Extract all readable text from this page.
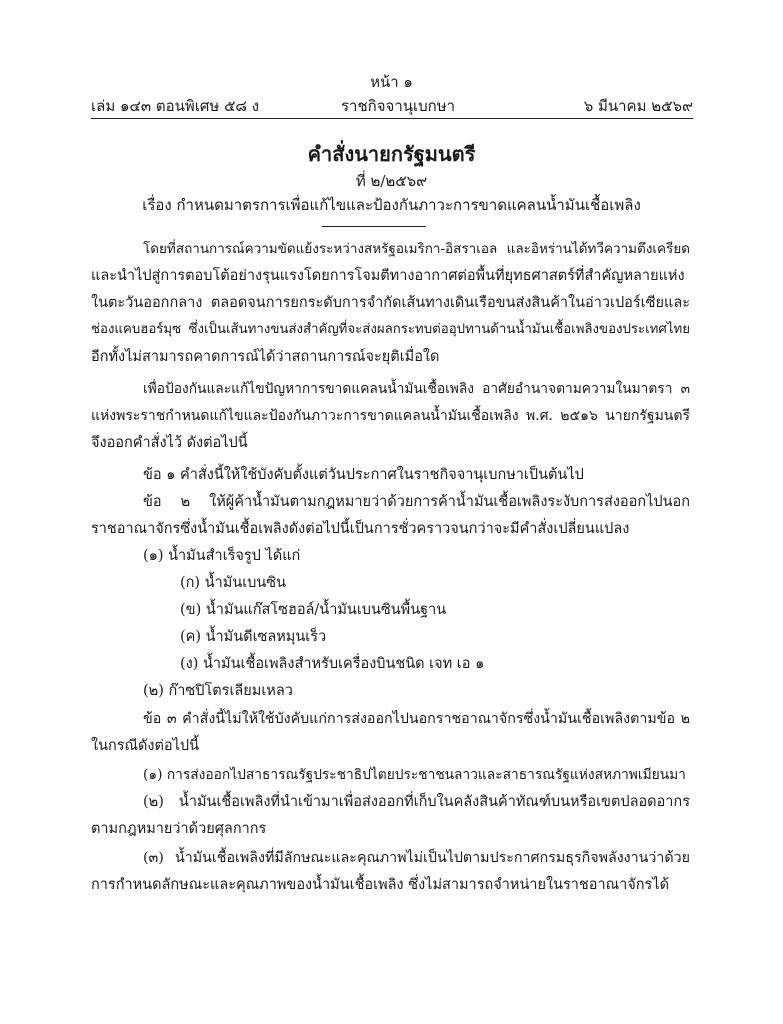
หน้า ๑
เล่ม ๑๔๓ ตอนพิเศษ ๕๘ ง	ราชกิจจานุเบกษา	๖ มีนาคม ๒๕๖๙
คำสั่งนายกรัฐมนตรี
ที่ ๒/๒๕๖๙
เรื่อง กำหนดมาตรการเพื่อแก้ไขและป้องกันภาวะการขาดแคลนน้ำมันเชื้อเพลิง
โดยที่สถานการณ์ความขัดแย้งระหว่างสหรัฐอเมริกา-อิสราเอล และอิหร่านได้ทวีความตึงเครียด
และนำไปสู่การตอบโต้อย่างรุนแรงโดยการโจมตีทางอากาศต่อพื้นที่ยุทธศาสตร์ที่สำคัญหลายแห่ง
ในตะวันออกกลาง ตลอดจนการยกระดับการจำกัดเส้นทางเดินเรือขนส่งสินค้าในอ่าวเปอร์เซียและ
ช่องแคบฮอร์มุซ ซึ่งเป็นเส้นทางขนส่งสำคัญที่จะส่งผลกระทบต่ออุปทานด้านน้ำมันเชื้อเพลิงของประเทศไทย
อีกทั้งไม่สามารถคาดการณ์ได้ว่าสถานการณ์จะยุติเมื่อใด
เพื่อป้องกันและแก้ไขปัญหาการขาดแคลนน้ำมันเชื้อเพลิง อาศัยอำนาจตามความในมาตรา ๓
แห่งพระราชกำหนดแก้ไขและป้องกันภาวะการขาดแคลนน้ำมันเชื้อเพลิง พ.ศ. ๒๕๑๖ นายกรัฐมนตรี
จึงออกคำสั่งไว้ ดังต่อไปนี้
ข้อ ๑ คำสั่งนี้ให้ใช้บังคับตั้งแต่วันประกาศในราชกิจจานุเบกษาเป็นต้นไป
ข้อ ๒ ให้ผู้ค้าน้ำมันตามกฎหมายว่าด้วยการค้าน้ำมันเชื้อเพลิงระงับการส่งออกไปนอก
ราชอาณาจักรซึ่งน้ำมันเชื้อเพลิงดังต่อไปนี้เป็นการชั่วคราวจนกว่าจะมีคำสั่งเปลี่ยนแปลง
(๑) น้ำมันสำเร็จรูป ได้แก่
(ก) น้ำมันเบนซิน
(ข) น้ำมันแก๊สโซฮอล์/น้ำมันเบนซินพื้นฐาน
(ค) น้ำมันดีเซลหมุนเร็ว
(ง) น้ำมันเชื้อเพลิงสำหรับเครื่องบินชนิด เจท เอ ๑
(๒) ก๊าซปิโตรเลียมเหลว
ข้อ ๓ คำสั่งนี้ไม่ให้ใช้บังคับแก่การส่งออกไปนอกราชอาณาจักรซึ่งน้ำมันเชื้อเพลิงตามข้อ ๒
ในกรณีดังต่อไปนี้
(๑) การส่งออกไปสาธารณรัฐประชาธิปไตยประชาชนลาวและสาธารณรัฐแห่งสหภาพเมียนมา
(๒) น้ำมันเชื้อเพลิงที่นำเข้ามาเพื่อส่งออกที่เก็บในคลังสินค้าทัณฑ์บนหรือเขตปลอดอากร
ตามกฎหมายว่าด้วยศุลกากร
(๓) น้ำมันเชื้อเพลิงที่มีลักษณะและคุณภาพไม่เป็นไปตามประกาศกรมธุรกิจพลังงานว่าด้วย
การกำหนดลักษณะและคุณภาพของน้ำมันเชื้อเพลิง ซึ่งไม่สามารถจำหน่ายในราชอาณาจักรได้
